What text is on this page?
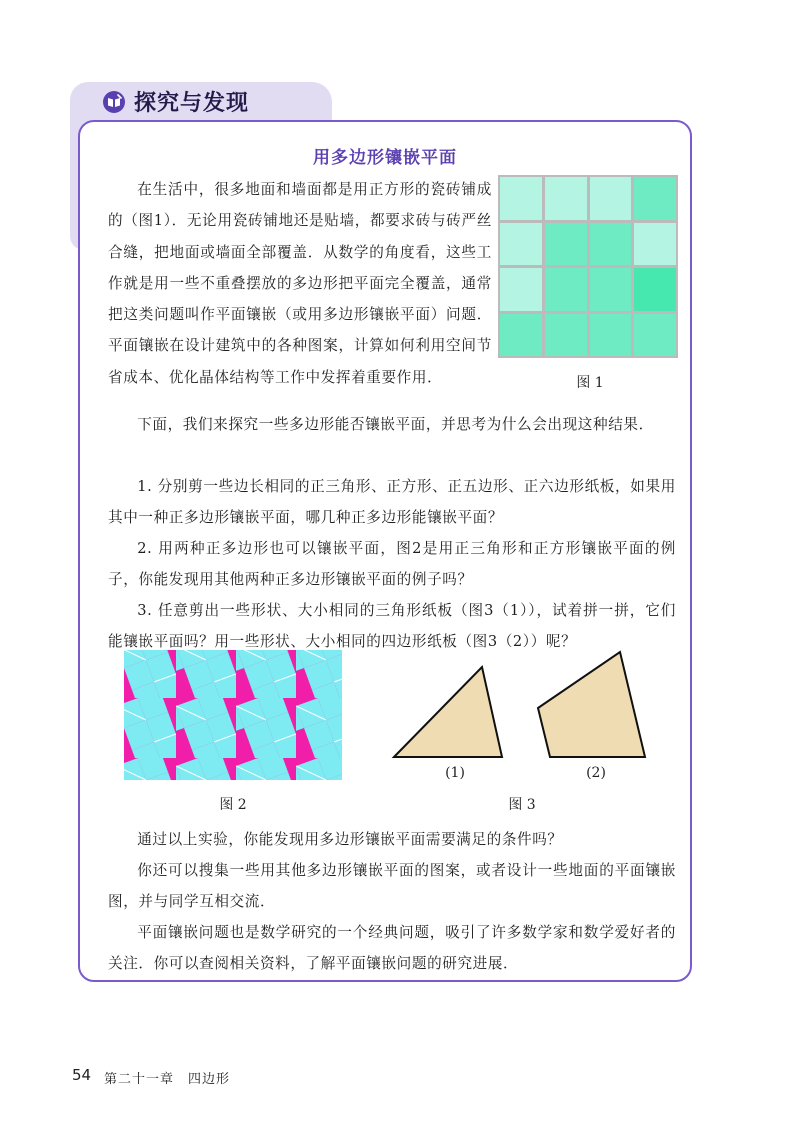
探究与发现
用多边形镶嵌平面

在生活中，很多地面和墙面都是用正方形的瓷砖铺成的（图1）．无论用瓷砖铺地还是贴墙，都要求砖与砖严丝合缝，把地面或墙面全部覆盖．从数学的角度看，这些工作就是用一些不重叠摆放的多边形把平面完全覆盖，通常把这类问题叫作平面镶嵌（或用多边形镶嵌平面）问题．平面镶嵌在设计建筑中的各种图案，计算如何利用空间节省成本、优化晶体结构等工作中发挥着重要作用．	图 1

下面，我们来探究一些多边形能否镶嵌平面，并思考为什么会出现这种结果．

1. 分别剪一些边长相同的正三角形、正方形、正五边形、正六边形纸板，如果用其中一种正多边形镶嵌平面，哪几种正多边形能镶嵌平面？

2. 用两种正多边形也可以镶嵌平面，图2是用正三角形和正方形镶嵌平面的例子，你能发现用其他两种正多边形镶嵌平面的例子吗？

3. 任意剪出一些形状、大小相同的三角形纸板（图3（1）），试着拼一拼，它们能镶嵌平面吗？用一些形状、大小相同的四边形纸板（图3（2））呢？

图 2
(1)	(2)
图 3

通过以上实验，你能发现用多边形镶嵌平面需要满足的条件吗？

你还可以搜集一些用其他多边形镶嵌平面的图案，或者设计一些地面的平面镶嵌图，并与同学互相交流．

平面镶嵌问题也是数学研究的一个经典问题，吸引了许多数学家和数学爱好者的关注．你可以查阅相关资料，了解平面镶嵌问题的研究进展．

54 第二十一章　四边形
